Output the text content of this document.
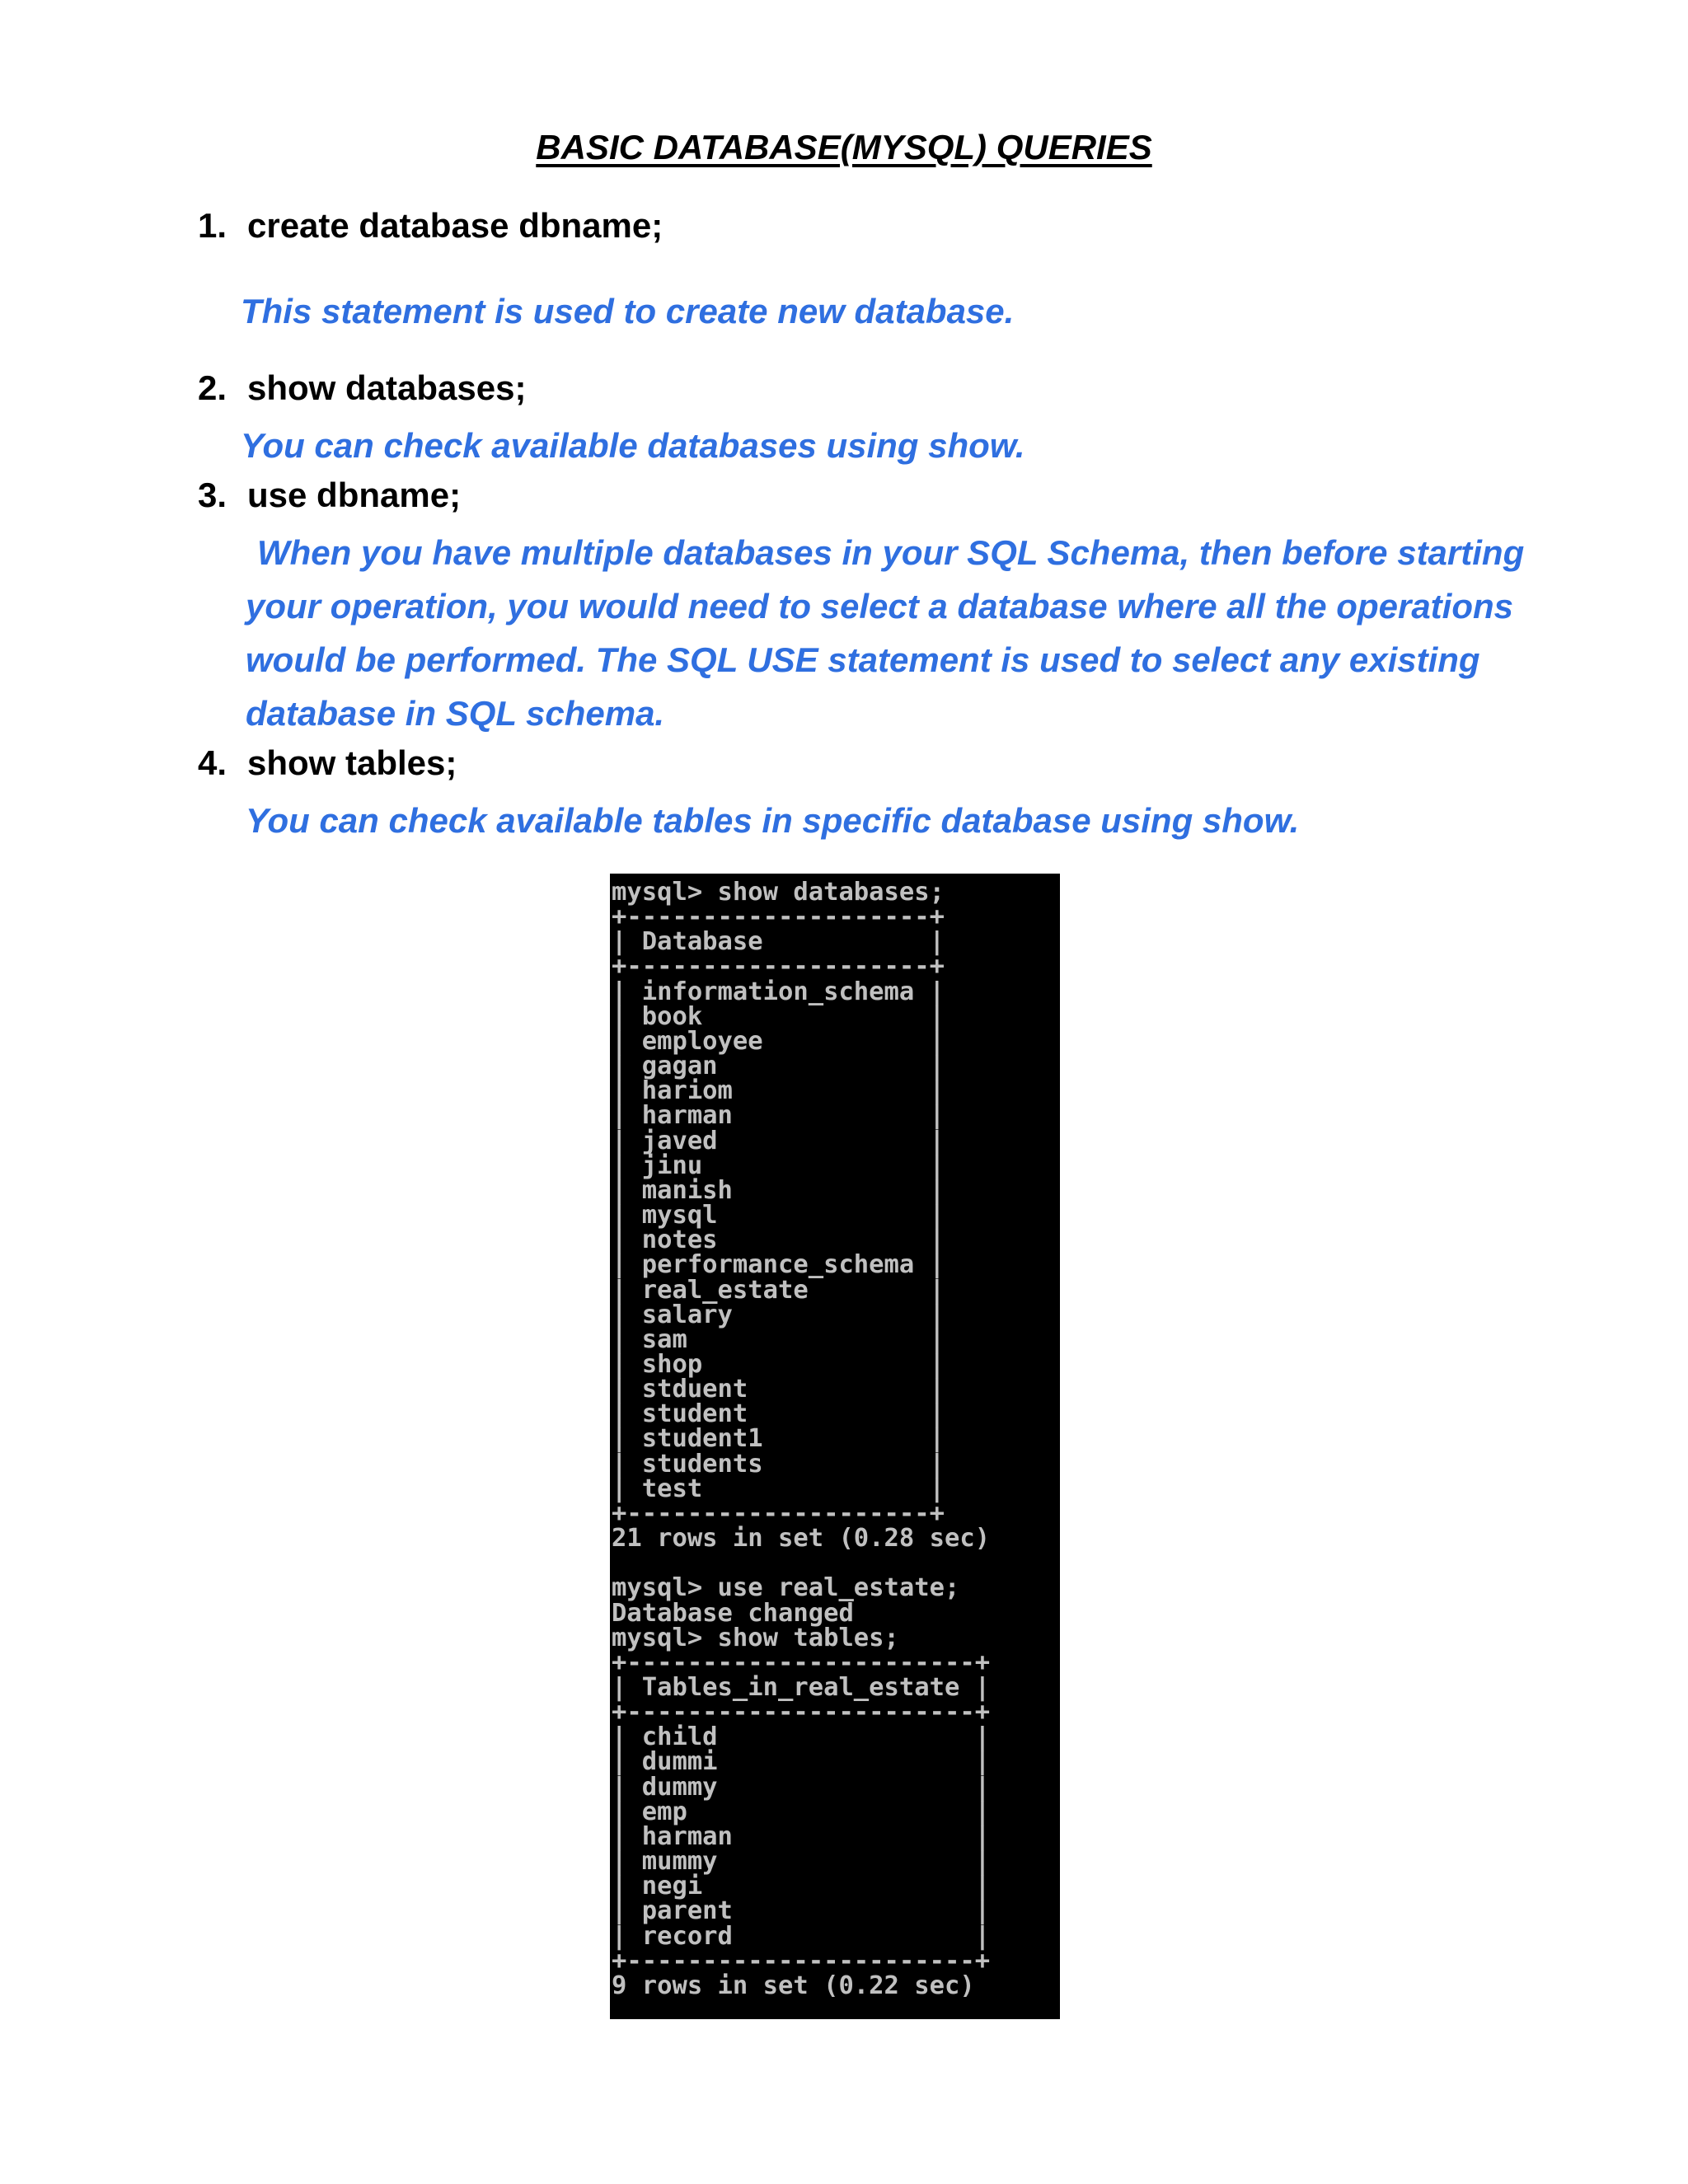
BASIC DATABASE(MYSQL) QUERIES
1. create database dbname;
This statement is used to create new database.
2. show databases;
You can check available databases using show.
3. use dbname;
When you have multiple databases in your SQL Schema, then before starting your operation, you would need to select a database where all the operations would be performed. The SQL USE statement is used to select any existing database in SQL schema.
4. show tables;
You can check available tables in specific database using show.
mysql> show databases;
+--------------------+
| Database           |
+--------------------+
| information_schema |
| book               |
| employee           |
| gagan              |
| hariom             |
| harman             |
| javed              |
| jinu               |
| manish             |
| mysql              |
| notes              |
| performance_schema |
| real_estate        |
| salary             |
| sam                |
| shop               |
| stduent            |
| student            |
| student1           |
| students           |
| test               |
+--------------------+
21 rows in set (0.28 sec)

mysql> use real_estate;
Database changed
mysql> show tables;
+-----------------------+
| Tables_in_real_estate |
+-----------------------+
| child                 |
| dummi                 |
| dummy                 |
| emp                   |
| harman                |
| mummy                 |
| negi                  |
| parent                |
| record                |
+-----------------------+
9 rows in set (0.22 sec)
